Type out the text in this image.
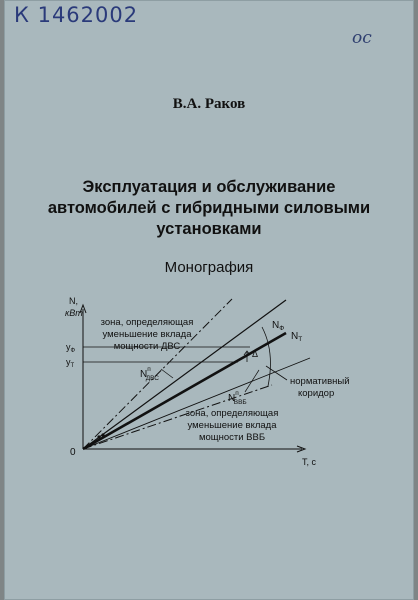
К 1462002
ос
В.А. Раков
Эксплуатация и обслуживание
автомобилей с гибридными силовыми
установками
Монография
Δ
N,
кВт
$y_Ф$
$y_T$
0
T, c
зона, определяющая
уменьшение вклада
мощности ДВС
зона, определяющая
уменьшение вклада
мощности ВВБ
нормативный
коридор
$N_Ф$
$N_T$
$N^п$ ДВС
$N^п$ ВВБ
